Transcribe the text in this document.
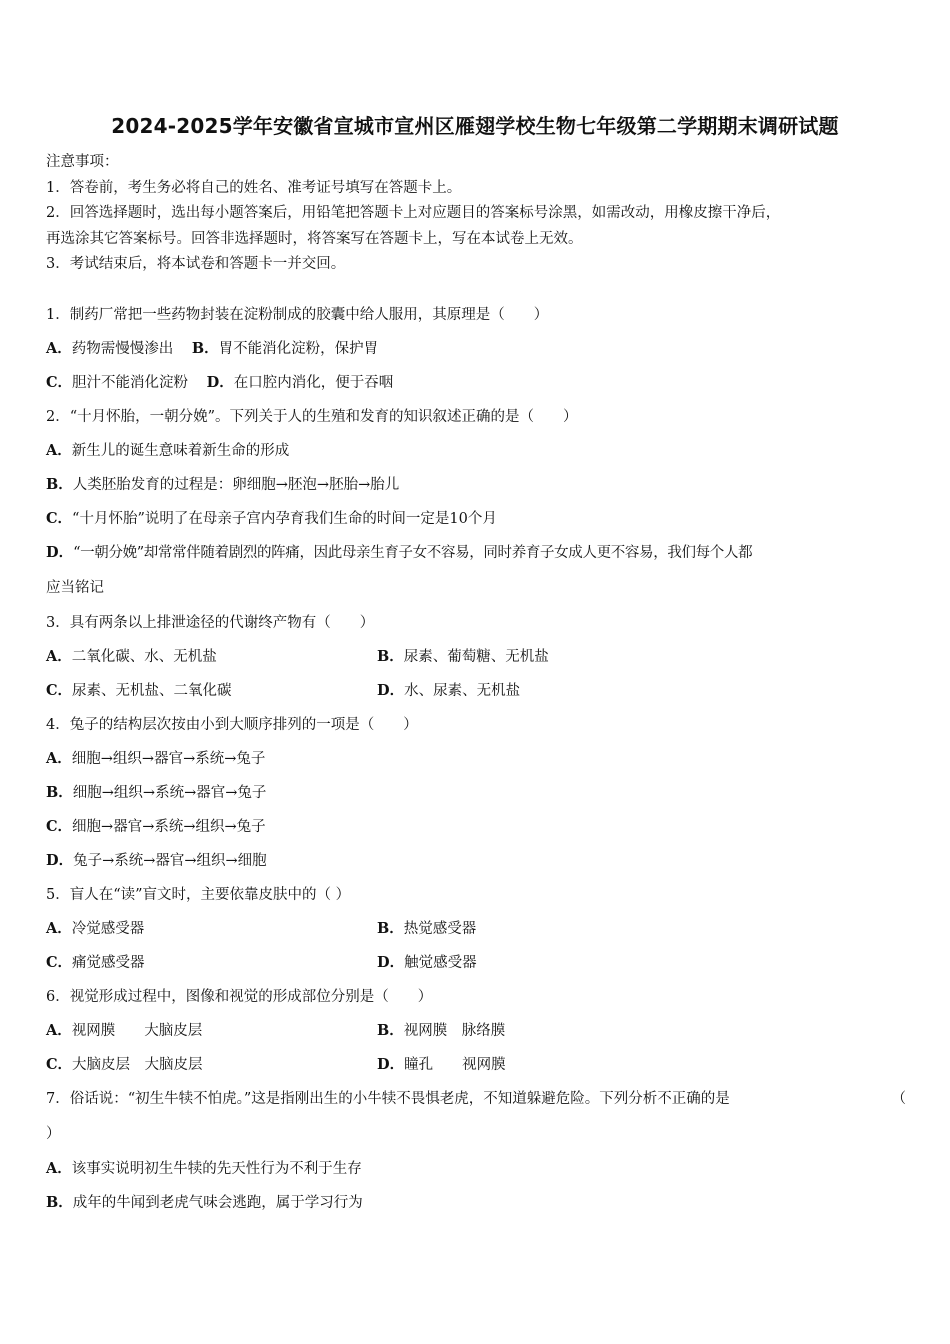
2024-2025学年安徽省宣城市宣州区雁翅学校生物七年级第二学期期末调研试题
注意事项：
1．答卷前，考生务必将自己的姓名、准考证号填写在答题卡上。
2．回答选择题时，选出每小题答案后，用铅笔把答题卡上对应题目的答案标号涂黑，如需改动，用橡皮擦干净后，
再选涂其它答案标号。回答非选择题时，将答案写在答题卡上，写在本试卷上无效。
3．考试结束后，将本试卷和答题卡一并交回。
1．制药厂常把一些药物封装在淀粉制成的胶囊中给人服用，其原理是（　　）
A．药物需慢慢渗出 B．胃不能消化淀粉，保护胃
C．胆汁不能消化淀粉 D．在口腔内消化，便于吞咽
2．“十月怀胎，一朝分娩”。下列关于人的生殖和发育的知识叙述正确的是（　　）
A．新生儿的诞生意味着新生命的形成
B．人类胚胎发育的过程是：卵细胞→胚泡→胚胎→胎儿
C．“十月怀胎”说明了在母亲子宫内孕育我们生命的时间一定是10个月
D．“一朝分娩”却常常伴随着剧烈的阵痛，因此母亲生育子女不容易，同时养育子女成人更不容易，我们每个人都
应当铭记
3．具有两条以上排泄途径的代谢终产物有（　　）
A．二氧化碳、水、无机盐	B．尿素、葡萄糖、无机盐
C．尿素、无机盐、二氧化碳	D．水、尿素、无机盐
4．兔子的结构层次按由小到大顺序排列的一项是（　　）
A．细胞→组织→器官→系统→兔子
B．细胞→组织→系统→器官→兔子
C．细胞→器官→系统→组织→兔子
D．兔子→系统→器官→组织→细胞
5．盲人在“读”盲文时，主要依靠皮肤中的（ ）
A．冷觉感受器	B．热觉感受器
C．痛觉感受器	D．触觉感受器
6．视觉形成过程中，图像和视觉的形成部位分别是（　　）
A．视网膜　　大脑皮层	B．视网膜　脉络膜
C．大脑皮层　大脑皮层	D．瞳孔　　视网膜
7．俗话说：“初生牛犊不怕虎。”这是指刚出生的小牛犊不畏惧老虎，不知道躲避危险。下列分析不正确的是	（
）
A．该事实说明初生牛犊的先天性行为不利于生存
B．成年的牛闻到老虎气味会逃跑，属于学习行为
